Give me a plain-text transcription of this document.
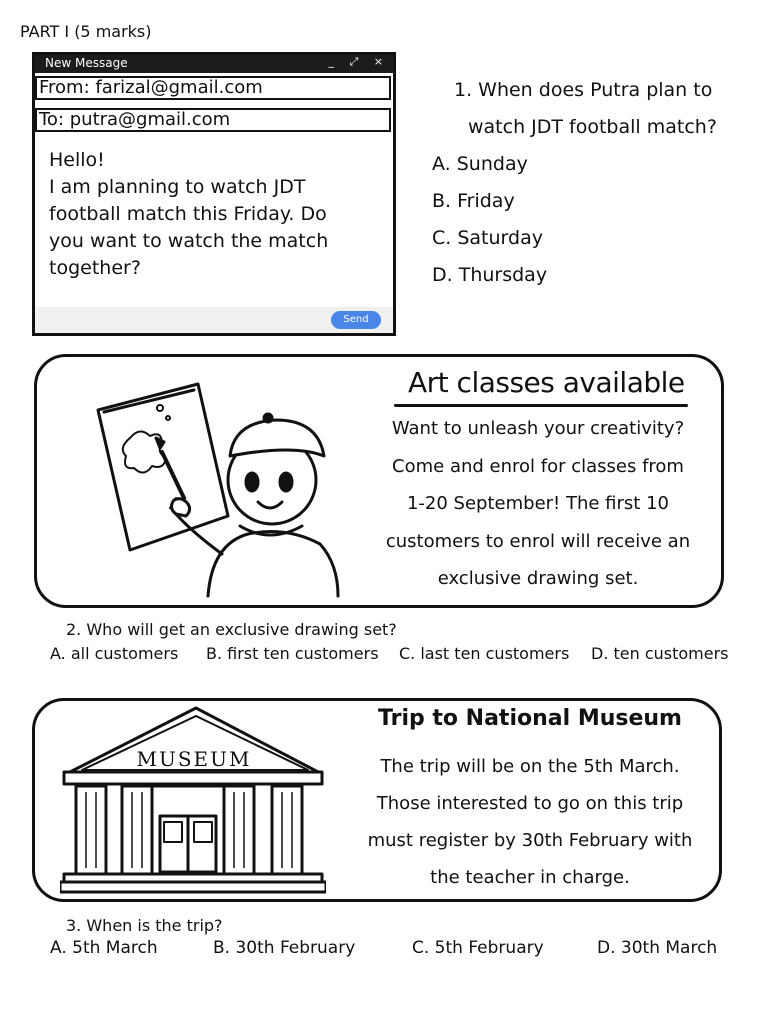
PART I (5 marks)
New Message	_ ⤢ ×
From: farizal@gmail.com
To: putra@gmail.com
Hello!
I am planning to watch JDT
football match this Friday. Do
you want to watch the match
together?
Send
1. When does Putra plan to
watch JDT football match?
A. Sunday
B. Friday
C. Saturday
D. Thursday
Art classes available
Want to unleash your creativity?
Come and enrol for classes from
1-20 September! The first 10
customers to enrol will receive an
exclusive drawing set.
2. Who will get an exclusive drawing set?
A. all customers B. first ten customers C. last ten customers D. ten customers
MUSEUM
Trip to National Museum
The trip will be on the 5th March.
Those interested to go on this trip
must register by 30th February with
the teacher in charge.
3. When is the trip?
A. 5th March	B. 30th February	C. 5th February	D. 30th March
